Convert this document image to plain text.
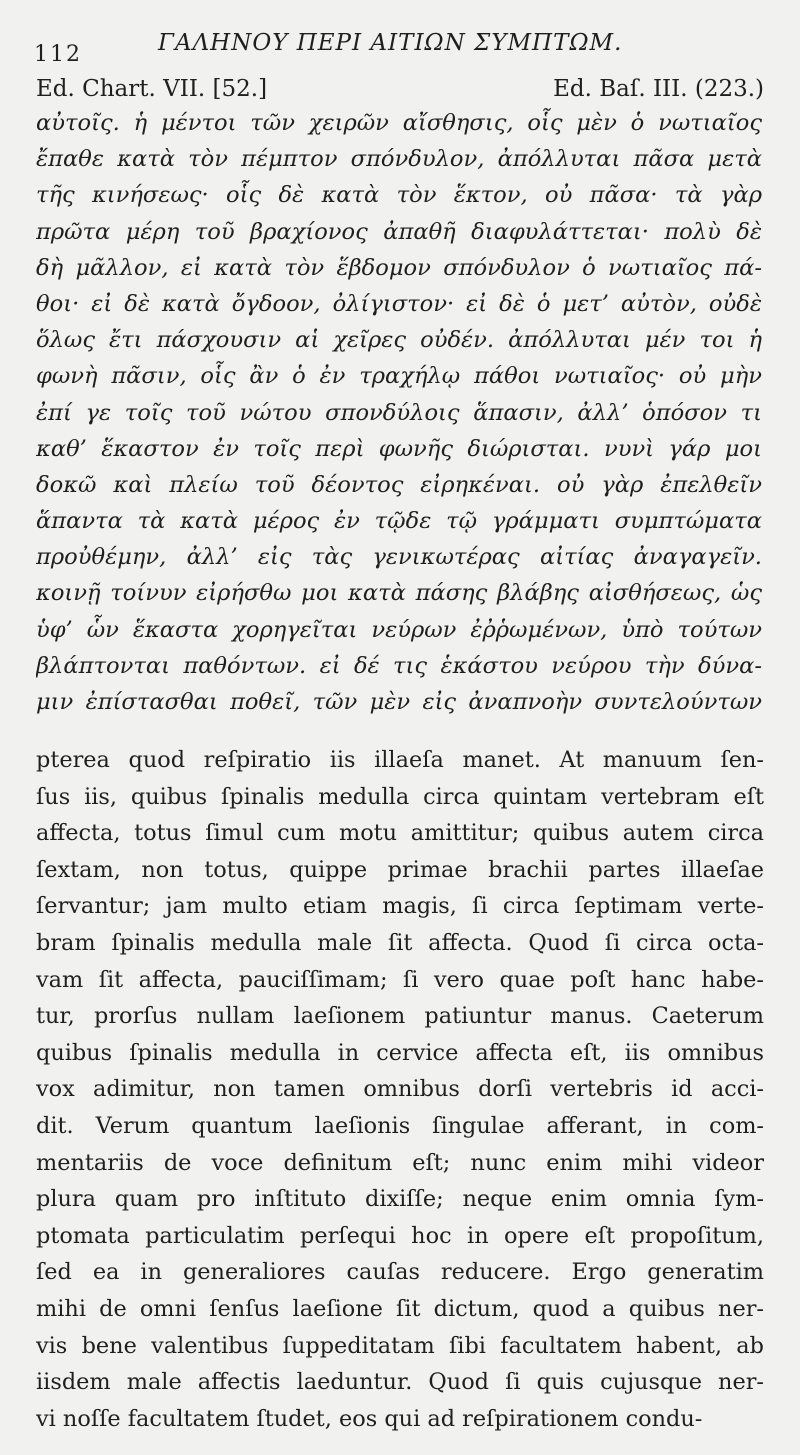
112	ΓΑΛΗΝΟΥ ΠΕΡΙ ΑΙΤΙΩΝ ΣΥΜΠΤΩΜ.
Ed. Chart. VII. [52.]	Ed. Baſ. III. (223.)
αὐτοῖς. ἡ μέντοι τῶν χειρῶν αἴσθησις, οἷς μὲν ὁ νωτιαῖος
ἔπαθε κατὰ τὸν πέμπτον σπόνδυλον, ἀπόλλυται πᾶσα μετὰ
τῆς κινήσεως· οἷς δὲ κατὰ τὸν ἕκτον, οὐ πᾶσα· τὰ γὰρ
πρῶτα μέρη τοῦ βραχίονος ἀπαθῆ διαφυλάττεται· πολὺ δὲ
δὴ μᾶλλον, εἰ κατὰ τὸν ἕβδομον σπόνδυλον ὁ νωτιαῖος πά-
θοι· εἰ δὲ κατὰ ὄγδοον, ὀλίγιστον· εἰ δὲ ὁ μετ’ αὐτὸν, οὐδὲ
ὅλως ἔτι πάσχουσιν αἱ χεῖρες οὐδέν. ἀπόλλυται μέν τοι ἡ
φωνὴ πᾶσιν, οἷς ἂν ὁ ἐν τραχήλῳ πάθοι νωτιαῖος· οὐ μὴν
ἐπί γε τοῖς τοῦ νώτου σπονδύλοις ἅπασιν, ἀλλ’ ὁπόσον τι
καθ’ ἕκαστον ἐν τοῖς περὶ φωνῆς διώρισται. νυνὶ γάρ μοι
δοκῶ καὶ πλείω τοῦ δέοντος εἰρηκέναι. οὐ γὰρ ἐπελθεῖν
ἅπαντα τὰ κατὰ μέρος ἐν τῷδε τῷ γράμματι συμπτώματα
προὐθέμην, ἀλλ’ εἰς τὰς γενικωτέρας αἰτίας ἀναγαγεῖν.
κοινῇ τοίνυν εἰρήσθω μοι κατὰ πάσης βλάβης αἰσθήσεως, ὡς
ὑφ’ ὧν ἕκαστα χορηγεῖται νεύρων ἐῤῥωμένων, ὑπὸ τούτων
βλάπτονται παθόντων. εἰ δέ τις ἑκάστου νεύρου τὴν δύνα-
μιν ἐπίστασθαι ποθεῖ, τῶν μὲν εἰς ἀναπνοὴν συντελούντων
pterea quod reſpiratio iis illaeſa manet. At manuum ſen-
ſus iis, quibus ſpinalis medulla circa quintam vertebram eſt
affecta, totus ſimul cum motu amittitur; quibus autem circa
ſextam, non totus, quippe primae brachii partes illaeſae
ſervantur; jam multo etiam magis, ſi circa ſeptimam verte-
bram ſpinalis medulla male ſit affecta. Quod ſi circa octa-
vam ſit affecta, pauciſſimam; ſi vero quae poſt hanc habe-
tur, prorſus nullam laeſionem patiuntur manus. Caeterum
quibus ſpinalis medulla in cervice affecta eſt, iis omnibus
vox adimitur, non tamen omnibus dorſi vertebris id acci-
dit. Verum quantum laeſionis ſingulae afferant, in com-
mentariis de voce definitum eſt; nunc enim mihi videor
plura quam pro inſtituto dixiſſe; neque enim omnia ſym-
ptomata particulatim perſequi hoc in opere eſt propoſitum,
ſed ea in generaliores cauſas reducere. Ergo generatim
mihi de omni ſenſus laeſione ſit dictum, quod a quibus ner-
vis bene valentibus ſuppeditatam ſibi facultatem habent, ab
iisdem male affectis laeduntur. Quod ſi quis cujusque ner-
vi noſſe facultatem ſtudet, eos qui ad reſpirationem condu-
